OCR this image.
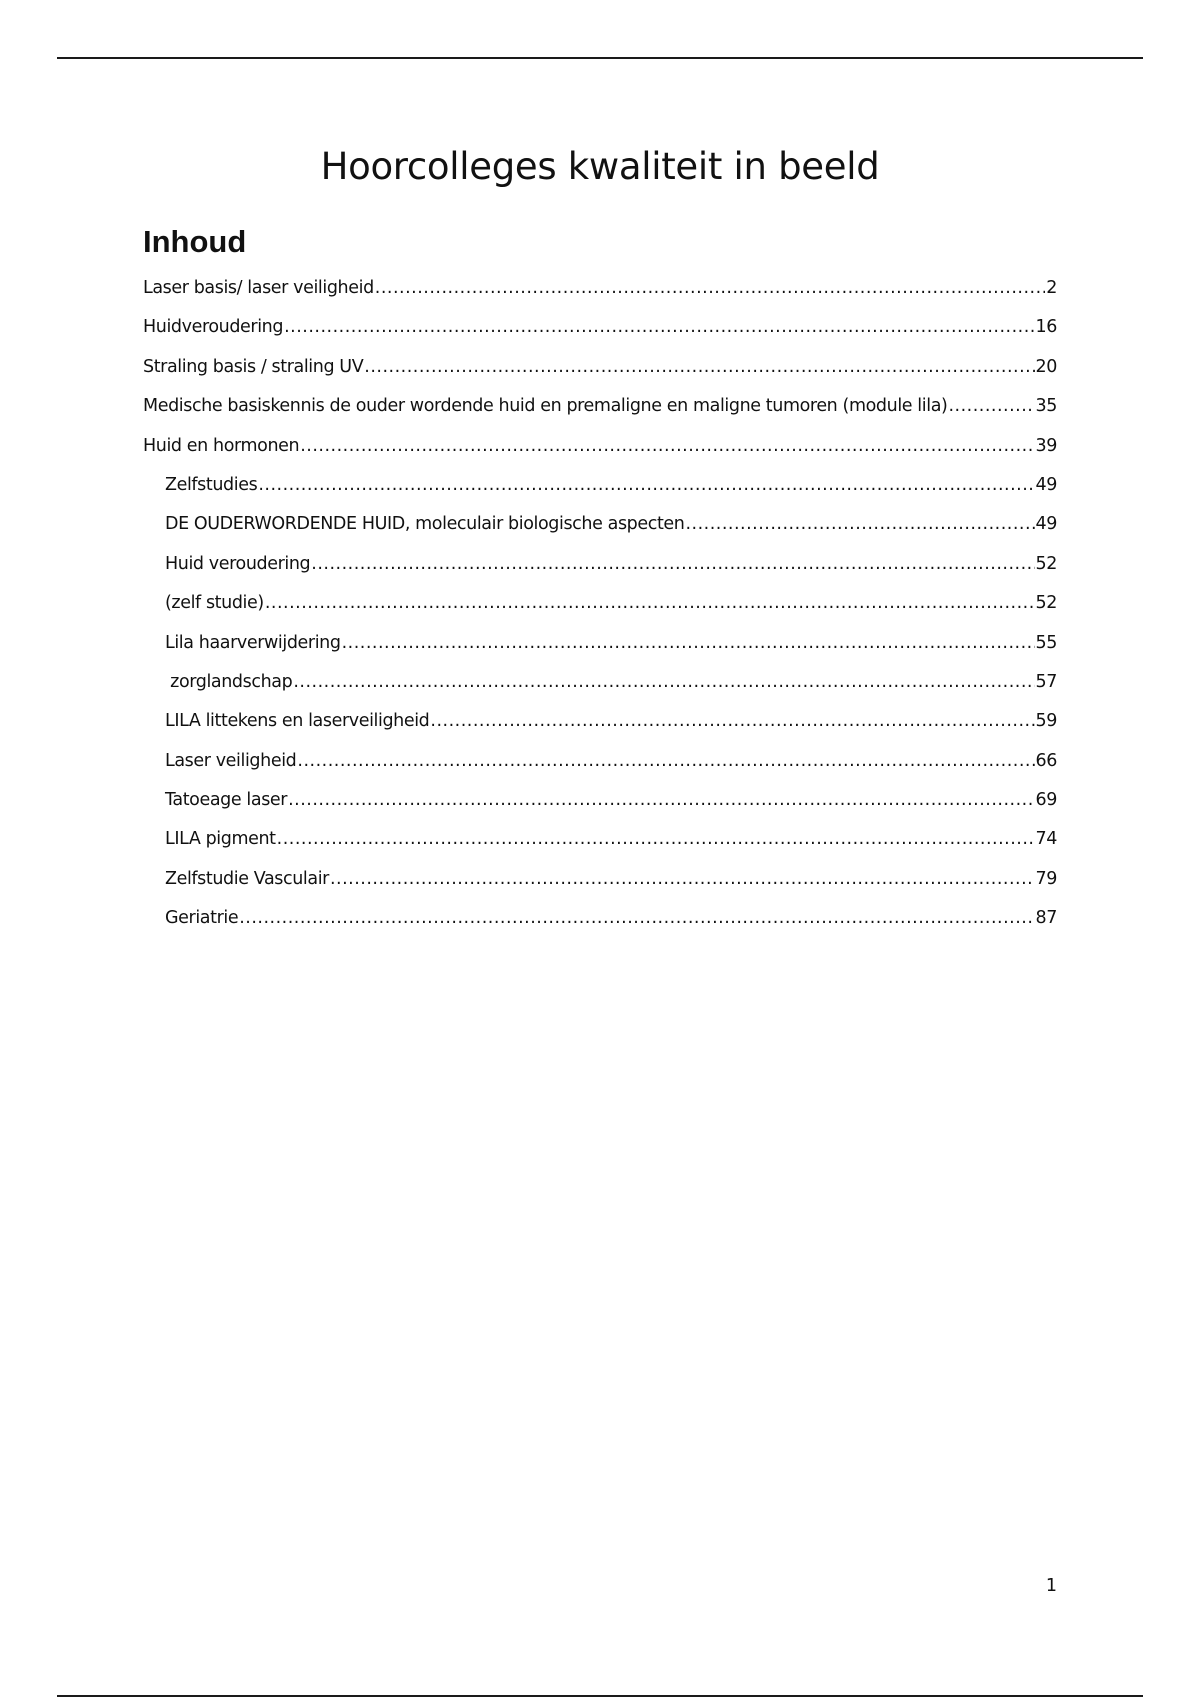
Hoorcolleges kwaliteit in beeld
Inhoud
Laser basis/ laser veiligheid .....	2
Huidveroudering .....	16
Straling basis / straling UV .....	20
Medische basiskennis de ouder wordende huid en premaligne en maligne tumoren (module lila) .....	35
Huid en hormonen .....	39
Zelfstudies .....	49
DE OUDERWORDENDE HUID, moleculair biologische aspecten .....	49
Huid veroudering .....	52
(zelf studie) .....	52
Lila haarverwijdering .....	55
zorglandschap .....	57
LILA littekens en laserveiligheid .....	59
Laser veiligheid .....	66
Tatoeage laser .....	69
LILA pigment .....	74
Zelfstudie Vasculair .....	79
Geriatrie .....	87
1
